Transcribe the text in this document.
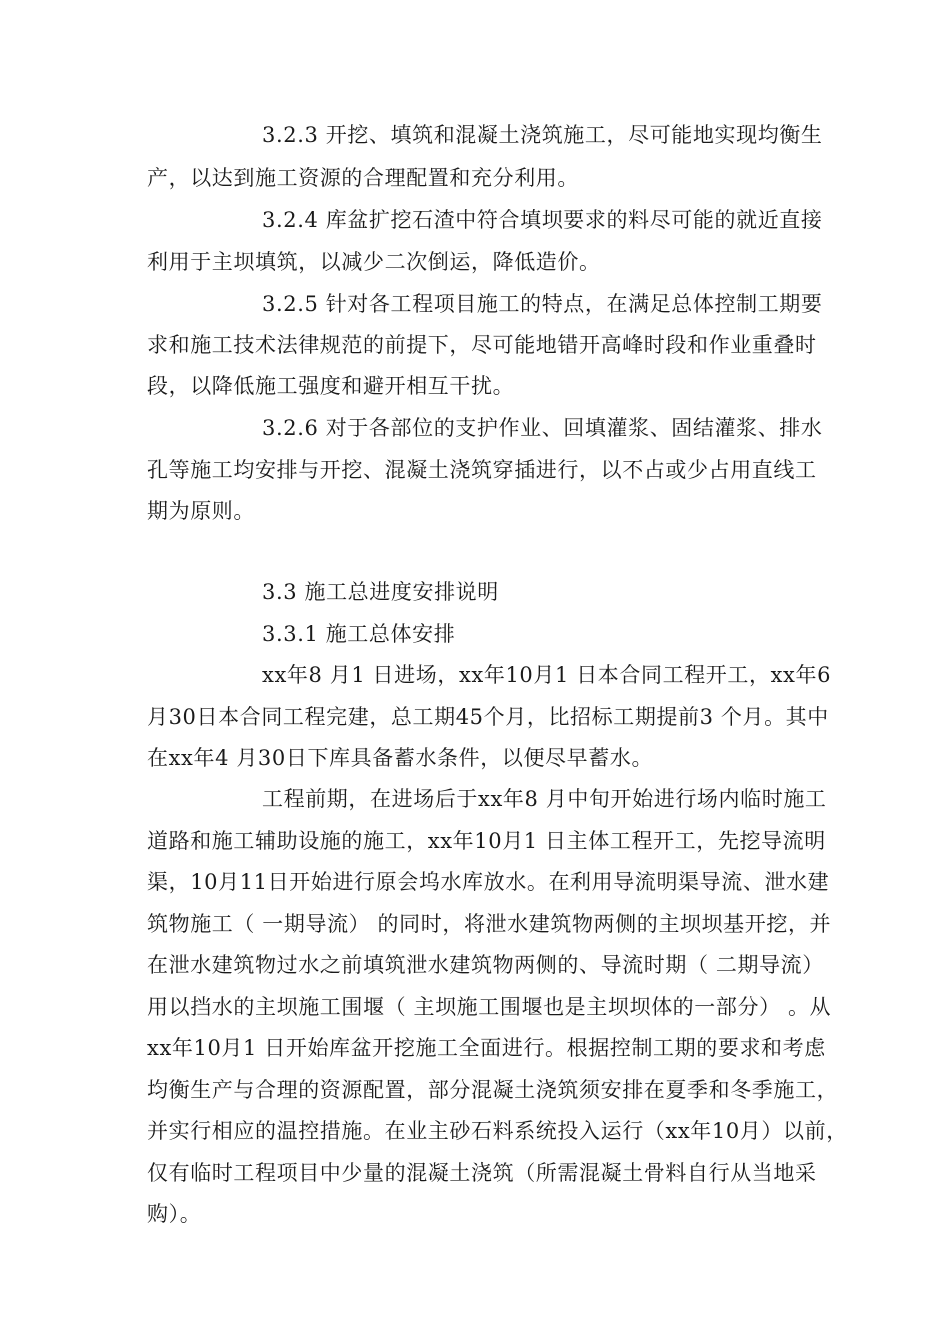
3.2.3 开挖、填筑和混凝土浇筑施工，尽可能地实现均衡生
产，以达到施工资源的合理配置和充分利用。
3.2.4 库盆扩挖石渣中符合填坝要求的料尽可能的就近直接
利用于主坝填筑，以减少二次倒运，降低造价。
3.2.5 针对各工程项目施工的特点，在满足总体控制工期要
求和施工技术法律规范的前提下，尽可能地错开高峰时段和作业重叠时
段，以降低施工强度和避开相互干扰。
3.2.6 对于各部位的支护作业、回填灌浆、固结灌浆、排水
孔等施工均安排与开挖、混凝土浇筑穿插进行，以不占或少占用直线工
期为原则。
3.3 施工总进度安排说明
3.3.1 施工总体安排
xx年8 月1 日进场，xx年10月1 日本合同工程开工，xx年6
月30日本合同工程完建，总工期45个月，比招标工期提前3 个月。其中
在xx年4 月30日下库具备蓄水条件，以便尽早蓄水。
工程前期，在进场后于xx年8 月中旬开始进行场内临时施工
道路和施工辅助设施的施工，xx年10月1 日主体工程开工，先挖导流明
渠，10月11日开始进行原会坞水库放水。在利用导流明渠导流、泄水建
筑物施工（ 一期导流） 的同时，将泄水建筑物两侧的主坝坝基开挖，并
在泄水建筑物过水之前填筑泄水建筑物两侧的、导流时期（ 二期导流）
用以挡水的主坝施工围堰（ 主坝施工围堰也是主坝坝体的一部分） 。从
xx年10月1 日开始库盆开挖施工全面进行。根据控制工期的要求和考虑
均衡生产与合理的资源配置，部分混凝土浇筑须安排在夏季和冬季施工，
并实行相应的温控措施。在业主砂石料系统投入运行（xx年10月）以前，
仅有临时工程项目中少量的混凝土浇筑（所需混凝土骨料自行从当地采
购）。
